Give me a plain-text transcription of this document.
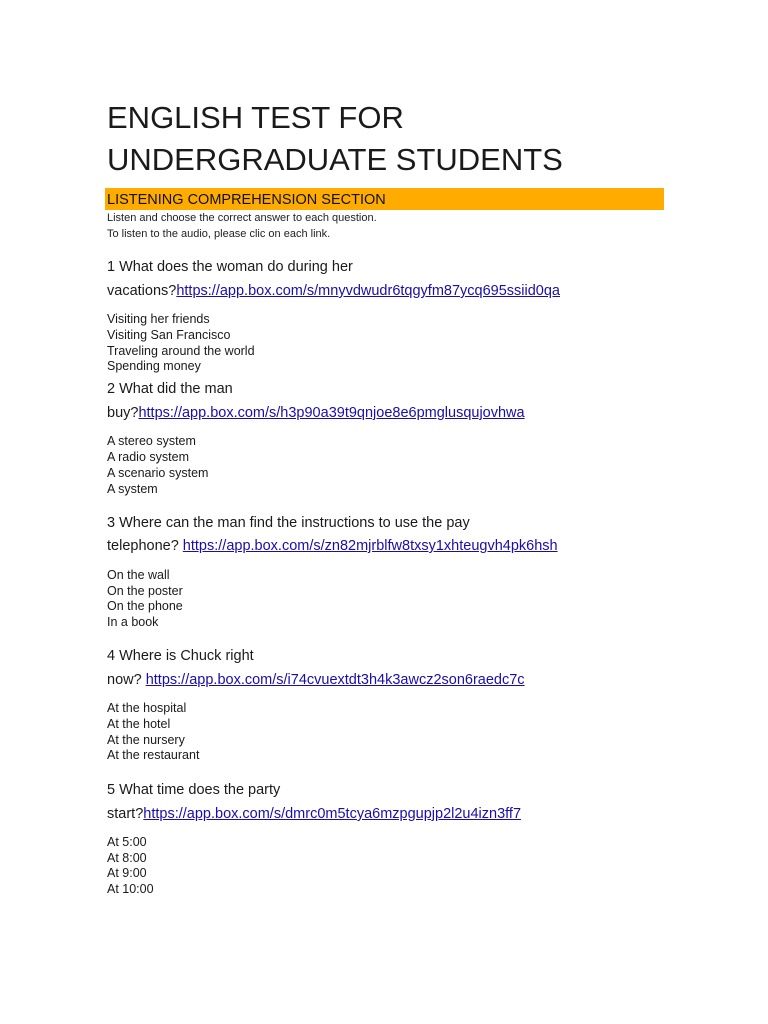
ENGLISH TEST FOR
UNDERGRADUATE STUDENTS
LISTENING COMPREHENSION SECTION
Listen and choose the correct answer to each question.
To listen to the audio, please clic on each link.
1 What does the woman do during her
vacations?https://app.box.com/s/mnyvdwudr6tqgyfm87ycq695ssiid0qa
Visiting her friends
Visiting San Francisco
Traveling around the world
Spending money
2 What did the man
buy?https://app.box.com/s/h3p90a39t9qnjoe8e6pmglusqujovhwa
A stereo system
A radio system
A scenario system
A system
3 Where can the man find the instructions to use the pay
telephone? https://app.box.com/s/zn82mjrblfw8txsy1xhteugvh4pk6hsh
On the wall
On the poster
On the phone
In a book
4 Where is Chuck right
now? https://app.box.com/s/i74cvuextdt3h4k3awcz2son6raedc7c
At the hospital
At the hotel
At the nursery
At the restaurant
5 What time does the party
start?https://app.box.com/s/dmrc0m5tcya6mzpgupjp2l2u4izn3ff7
At 5:00
At 8:00
At 9:00
At 10:00
